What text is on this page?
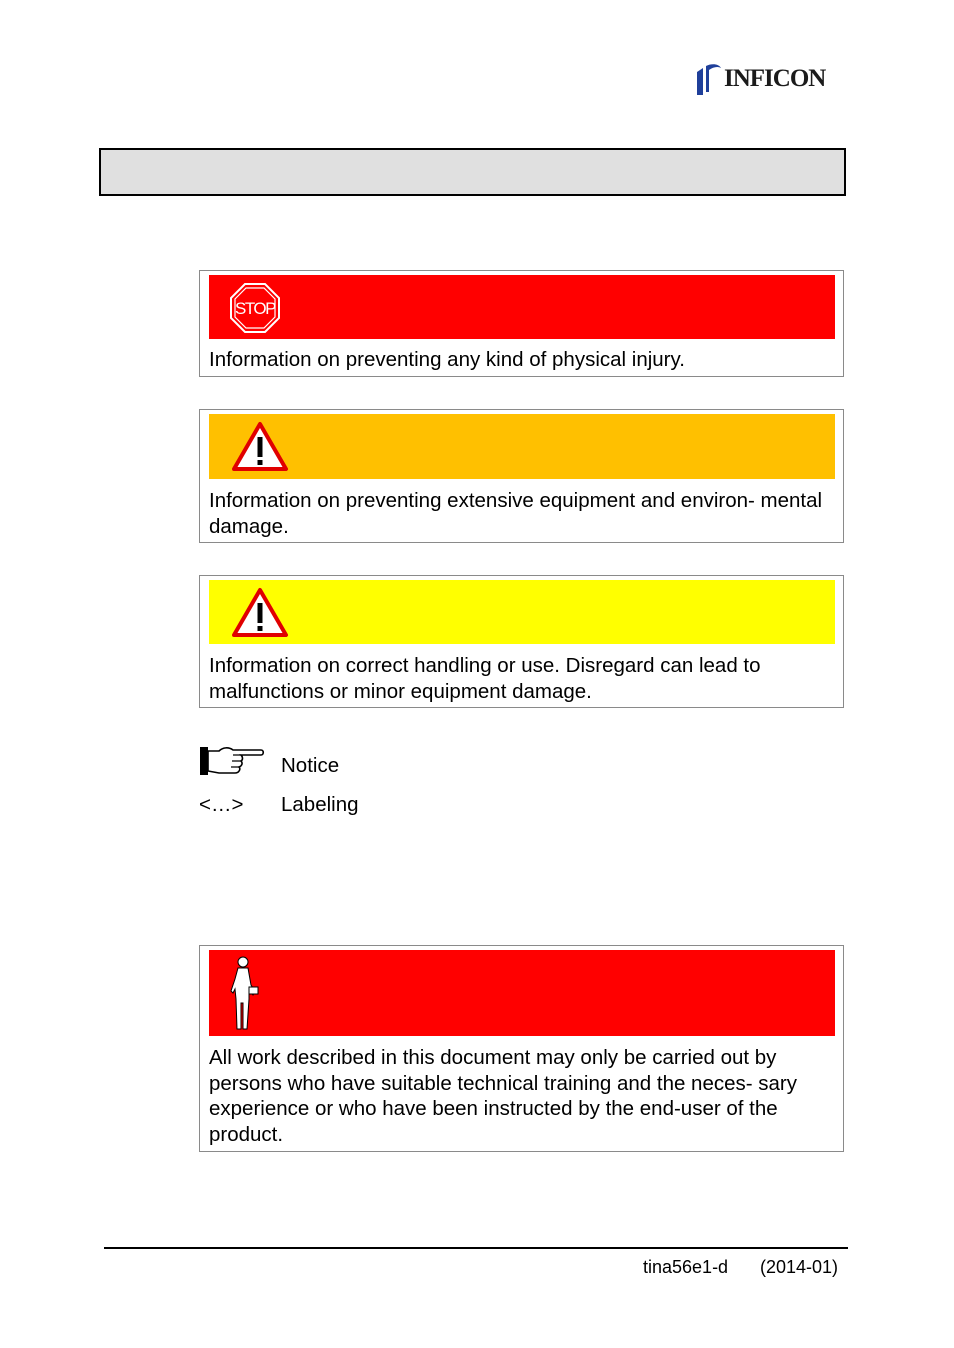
INFICON
STOP
Information on preventing any kind of physical injury.
Information on preventing extensive equipment and environ- mental damage.
Information on correct handling or use. Disregard can lead to malfunctions or minor equipment damage.
Notice
<…> Labeling
All work described in this document may only be carried out by persons who have suitable technical training and the neces- sary experience or who have been instructed by the end-user of the product.
tina56e1-d (2014-01)
